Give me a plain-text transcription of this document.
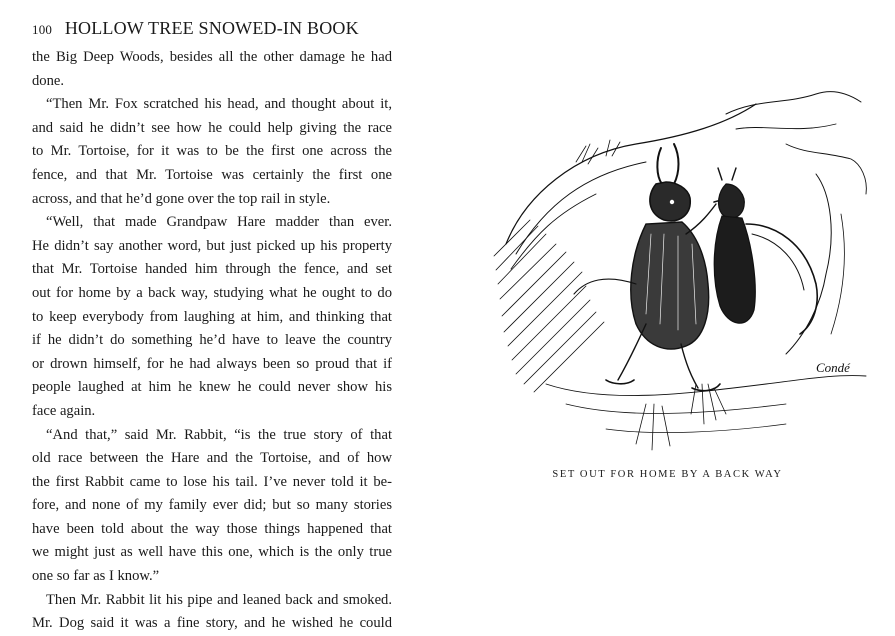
100 HOLLOW TREE SNOWED-IN BOOK

the Big Deep Woods, besides all the other damage he had
done.

“Then Mr. Fox scratched his head, and thought about it,
and said he didn’t see how he could help giving the race
to Mr. Tortoise, for it was to be the first one across the
fence, and that Mr. Tortoise was certainly the first one
across, and that he’d gone over the top rail in style.

“Well, that made Grandpaw Hare madder than ever.
He didn’t say another word, but just picked up his property
that Mr. Tortoise handed him through the fence, and set
out for home by a back way, studying what he ought to do
to keep everybody from laughing at him, and thinking that
if he didn’t do something he’d have to leave the country
or drown himself, for he had always been so proud that if
people laughed at him he knew he could never show his
face again.

“And that,” said Mr. Rabbit, “is the true story of that
old race between the Hare and the Tortoise, and of how
the first Rabbit came to lose his tail. I’ve never told it be-
fore, and none of my family ever did; but so many stories
have been told about the way those things happened that
we might just as well have this one, which is the only true
one so far as I know.”

Then Mr. Rabbit lit his pipe and leaned back and smoked.
Mr. Dog said it was a fine story, and he wished he could

Condé
SET OUT FOR HOME BY A BACK WAY
